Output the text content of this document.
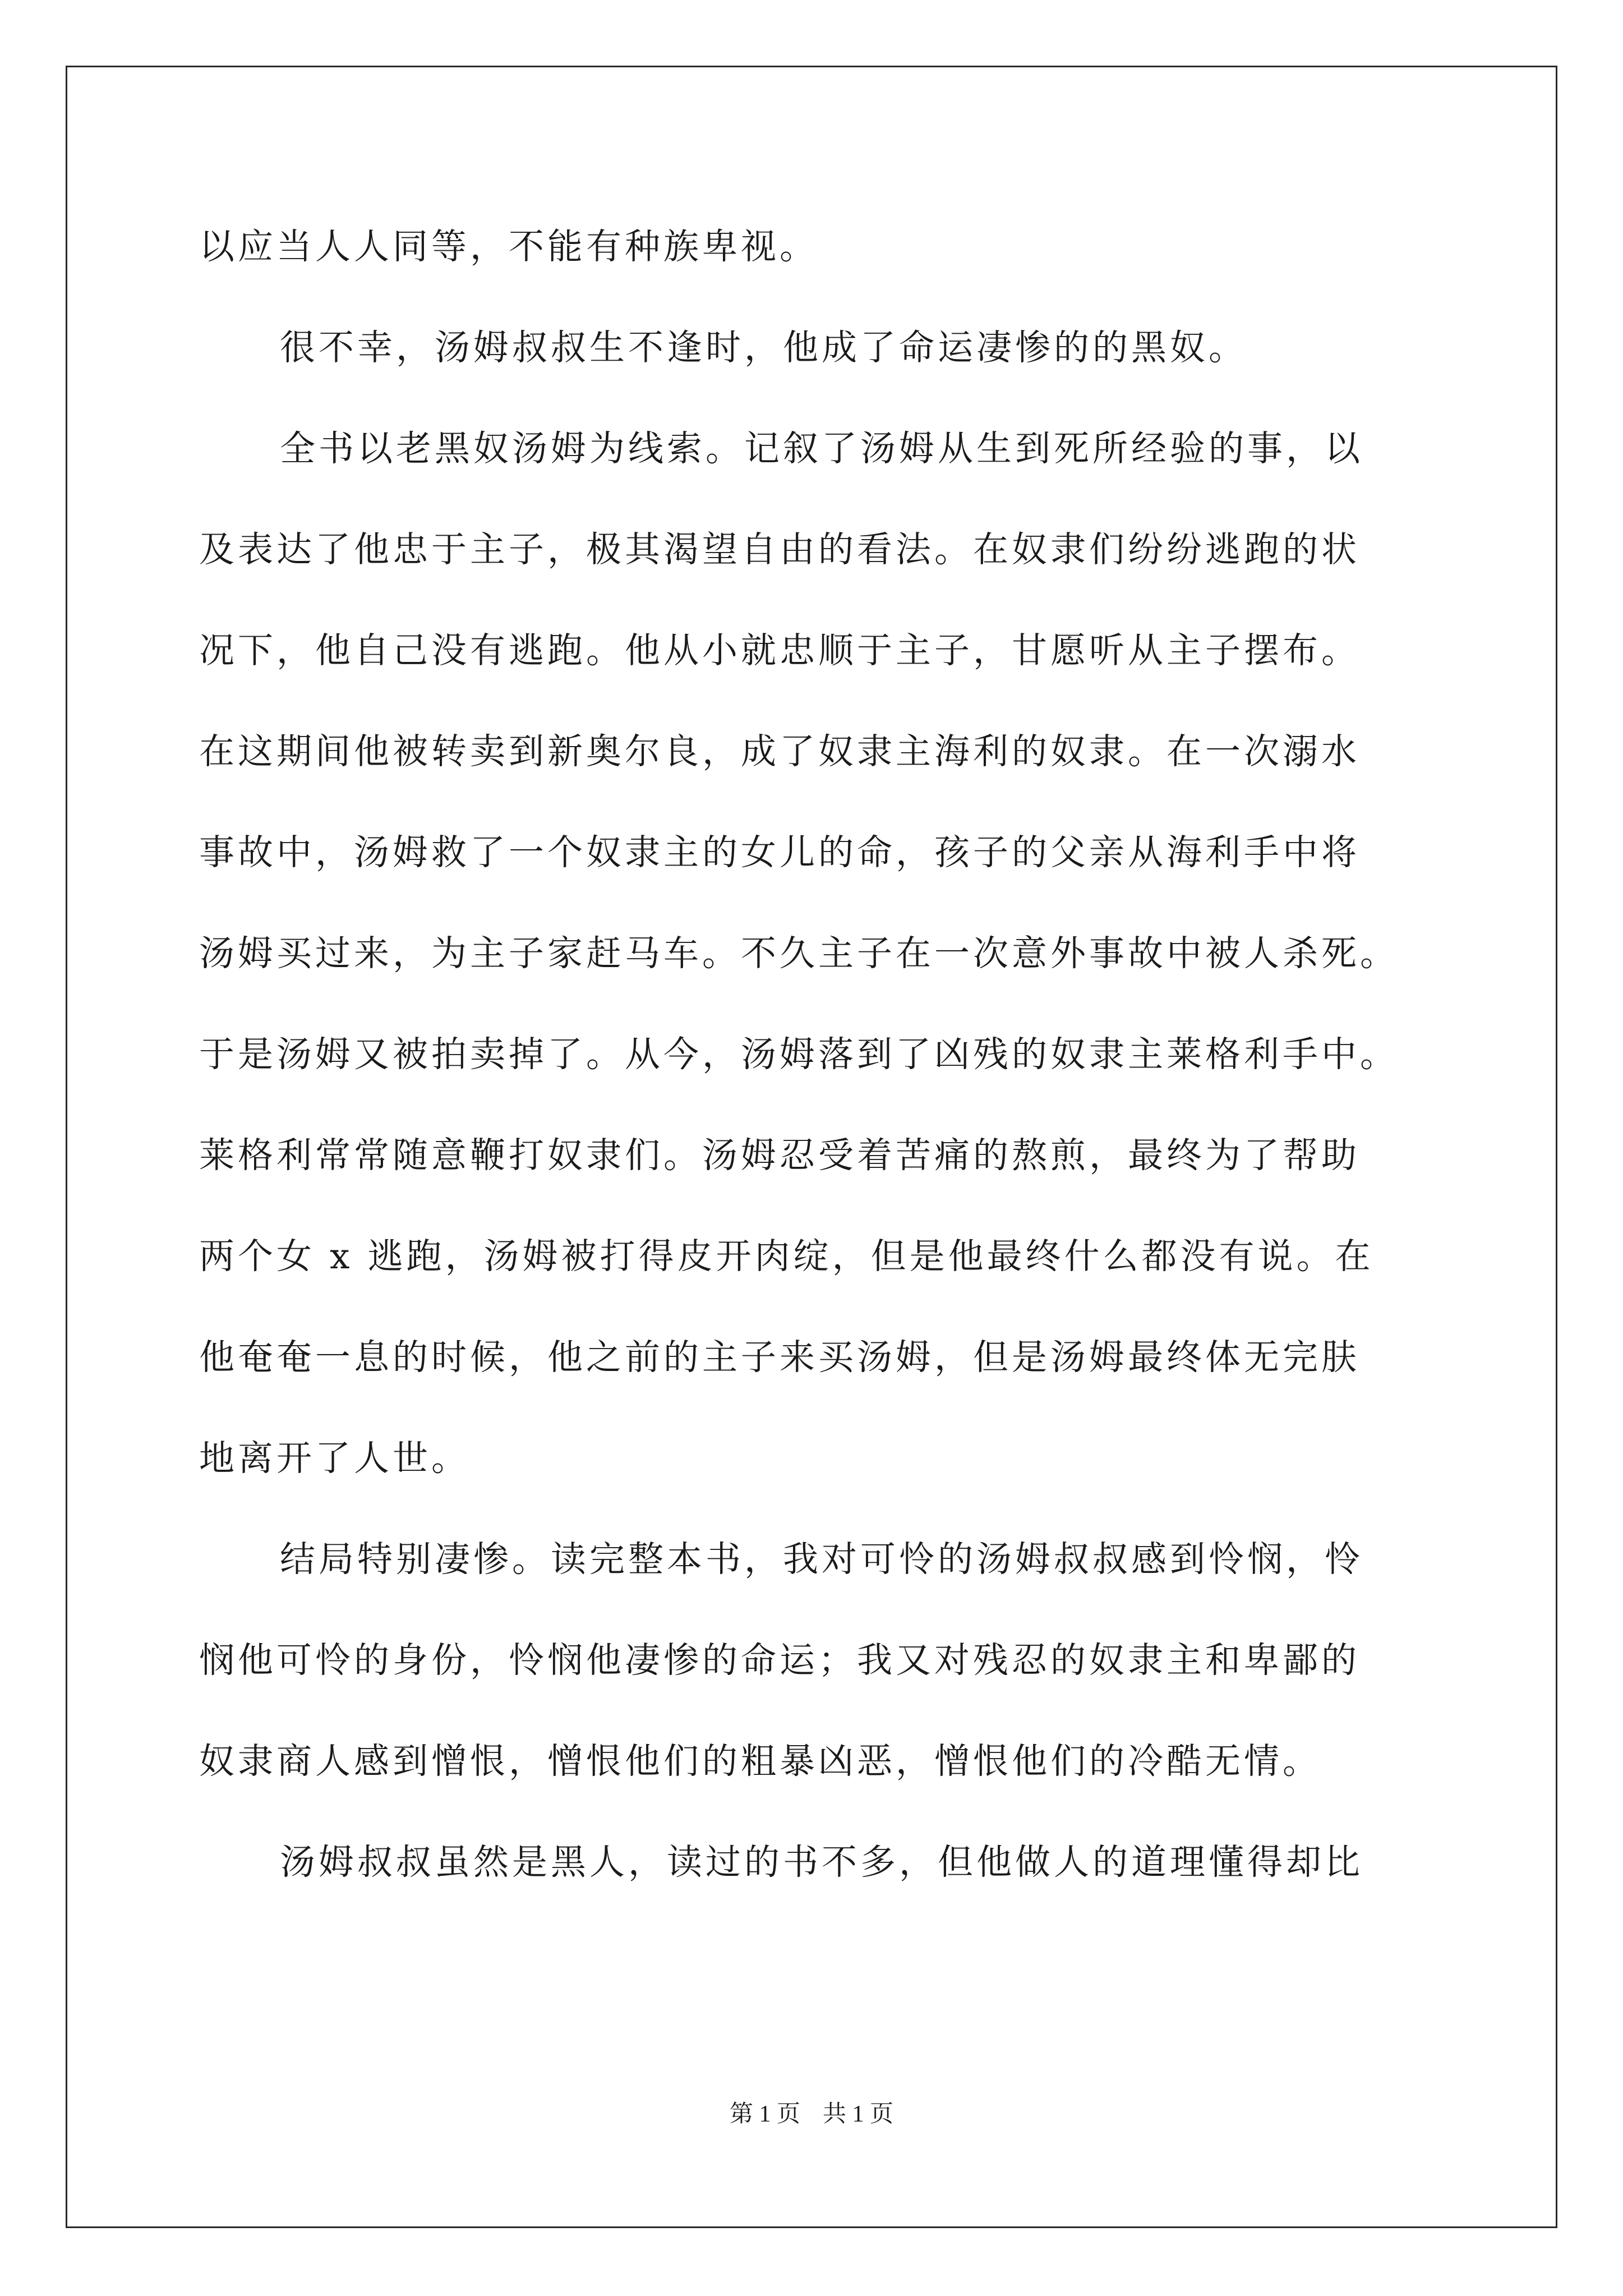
以应当人人同等，不能有种族卑视。
很不幸，汤姆叔叔生不逢时，他成了命运凄惨的的黑奴。
全书以老黑奴汤姆为线索。记叙了汤姆从生到死所经验的事，以
及表达了他忠于主子，极其渴望自由的看法。在奴隶们纷纷逃跑的状
况下，他自己没有逃跑。他从小就忠顺于主子，甘愿听从主子摆布。
在这期间他被转卖到新奥尔良，成了奴隶主海利的奴隶。在一次溺水
事故中，汤姆救了一个奴隶主的女儿的命，孩子的父亲从海利手中将
汤姆买过来，为主子家赶马车。不久主子在一次意外事故中被人杀死。
于是汤姆又被拍卖掉了。从今，汤姆落到了凶残的奴隶主莱格利手中。
莱格利常常随意鞭打奴隶们。汤姆忍受着苦痛的熬煎，最终为了帮助
两个女 x 逃跑，汤姆被打得皮开肉绽，但是他最终什么都没有说。在
他奄奄一息的时候，他之前的主子来买汤姆，但是汤姆最终体无完肤
地离开了人世。
结局特别凄惨。读完整本书，我对可怜的汤姆叔叔感到怜悯，怜
悯他可怜的身份，怜悯他凄惨的命运；我又对残忍的奴隶主和卑鄙的
奴隶商人感到憎恨，憎恨他们的粗暴凶恶，憎恨他们的冷酷无情。
汤姆叔叔虽然是黑人，读过的书不多，但他做人的道理懂得却比
第 1 页 共 1 页
